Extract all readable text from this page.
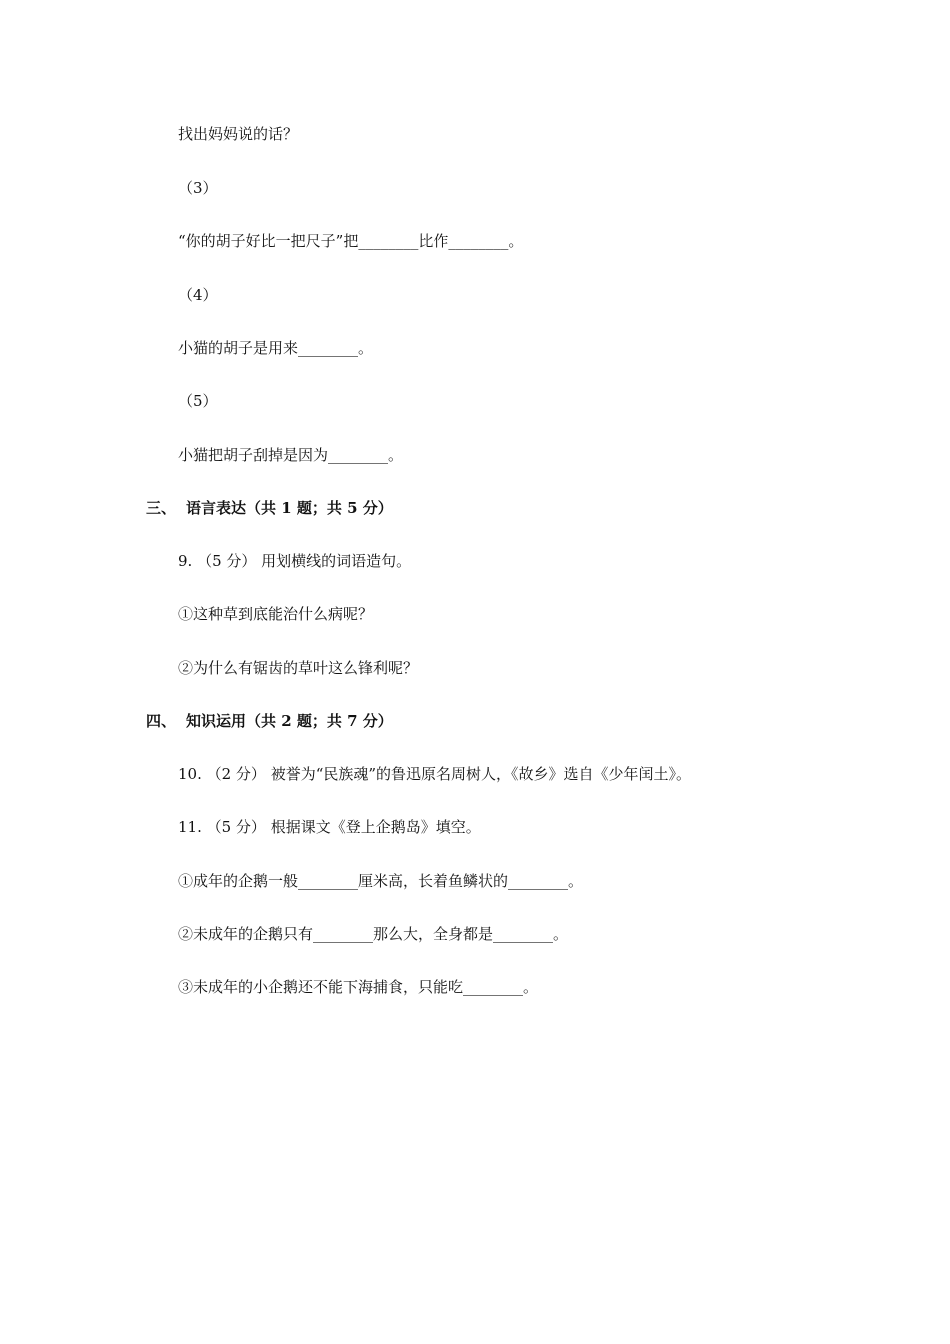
找出妈妈说的话？

（3）

“你的胡子好比一把尺子”把________比作________。

（4）

小猫的胡子是用来________。

（5）

小猫把胡子刮掉是因为________。

三、 语言表达（共 1 题；共 5 分）

9. （5 分） 用划横线的词语造句。

①这种草到底能治什么病呢？

②为什么有锯齿的草叶这么锋利呢？

四、 知识运用（共 2 题；共 7 分）

10. （2 分） 被誉为“民族魂”的鲁迅原名周树人，《故乡》选自《少年闰土》。

11. （5 分） 根据课文《登上企鹅岛》填空。

①成年的企鹅一般________厘米高，长着鱼鳞状的________。

②未成年的企鹅只有________那么大，全身都是________。

③未成年的小企鹅还不能下海捕食，只能吃________。
